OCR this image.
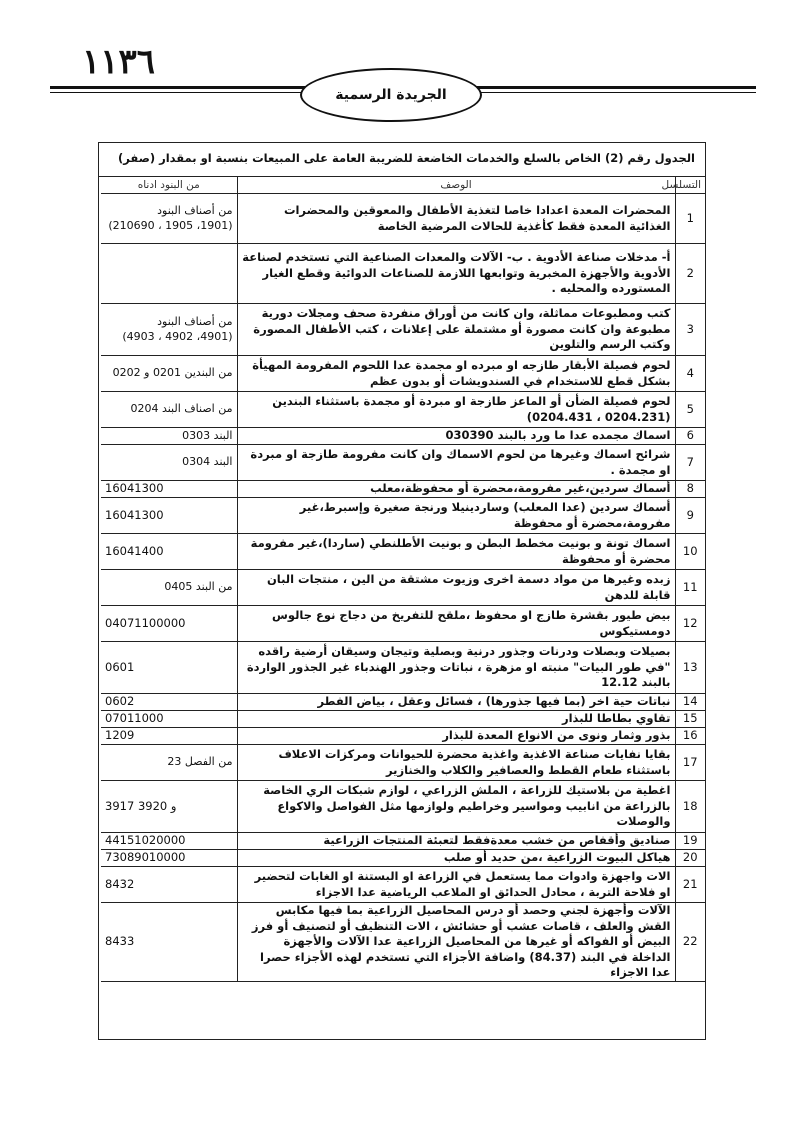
١١٣٦
الجريدة الرسمية
الجدول رقم (2) الخاص بالسلع والخدمات الخاضعة للضريبة العامة على المبيعات بنسبة او بمقدار (صفر)
التسلسل	الوصف	من البنود ادناه
1	المحضرات المعدة اعدادا خاصا لتغذية الأطفال والمعوقين والمحضرات الغذائية المعدة فقط كأغذية للحالات المرضية الخاصة	من أصناف البنود
(1901، 1905 ، 210690)

2	أ- مدخلات صناعة الأدوية . ب- الآلات والمعدات الصناعية التي تستخدم لصناعة الأدوية والأجهزة المخبرية وتوابعها اللازمة للصناعات الدوائية وقطع الغيار المستورده والمحليه .	

3	كتب ومطبوعات مماثلة، وان كانت من أوراق منفردة صحف ومجلات دورية مطبوعة وان كانت مصورة أو مشتملة على إعلانات ، كتب الأطفال المصورة وكتب الرسم والتلوين	من أصناف البنود
(4901، 4902 ، 4903)

4	لحوم فصيلة الأبقار طازجه او مبرده او مجمدة عدا اللحوم المفرومة المهيأة بشكل قطع للاستخدام في السندويشات أو بدون عظم	من البندين 0201 و 0202

5	لحوم فصيلة الضأن أو الماعز طازجة او مبردة أو مجمدة باستثناء البندين (0204.231 ، 0204.431)	من اصناف البند 0204

6	اسماك مجمده عدا ما ورد بالبند 030390	البند 0303

7	شرائح اسماك وغيرها من لحوم الاسماك وان كانت مفرومة طازجة او مبردة او مجمدة .	البند 0304

8	أسماك سردين،غير مفرومة،محضرة أو محفوظة،معلب	16041300

9	أسماك سردين (عدا المعلب) وساردينيلا ورنجة صغيرة وإسبرط،غير مفرومة،محضرة أو محفوظة	16041300

10	اسماك تونة و بونيت مخطط البطن و بونيت الأطلنطي (ساردا)،غير مفرومة محضرة أو محفوظة	16041400

11	زبده وغيرها من مواد دسمة اخرى وزيوت مشتقة من الين ، منتجات البان قابلة للدهن	من البند 0405

12	بيض طيور بقشرة طازج او محفوظ ،ملقح للتفريخ من دجاج نوع جالوس دومستيكوس	04071100000

13	بصيلات وبصلات ودرنات وجذور درنية وبصلية وتيجان وسيقان أرضية راقده "في طور البيات" منبته او مزهرة ، نباتات وجذور الهندباء غير الجذور الواردة بالبند 12.12	0601

14	نباتات حية اخر (بما فيها جذورها) ، فسائل وعقل ، بياض الفطر	0602

15	تقاوي بطاطا للبذار	07011000

16	بذور وثمار ونوى من الانواع المعدة للبذار	1209

17	بقايا نفايات صناعة الاغذية واغذية محضرة للحيوانات ومركزات الاعلاف باستثناء طعام القطط والعصافير والكلاب والخنازير	من الفصل 23

18	اغطية من بلاستيك للزراعة ، الملش الزراعي ، لوازم شبكات الري الخاصة بالزراعة من انابيب ومواسير وخراطيم ولوازمها مثل الفواصل والاكواع والوصلات	3917 و 3920

19	صناديق وأقفاص من خشب معدةفقط لتعبئة المنتجات الزراعية	44151020000

20	هياكل البيوت الزراعية ،من حديد أو صلب	73089010000

21	الات واجهزة وادوات مما يستعمل في الزراعة او البستنة او الغابات لتحضير او فلاحة التربة ، محادل الحدائق او الملاعب الرياضية عدا الاجزاء	8432

22	الآلات وأجهزة لجني وحصد أو درس المحاصيل الزراعية بما فيها مكابس القش والعلف ، قاصات عشب أو حشائش ، الات التنظيف أو لتصنيف أو فرز البيض أو الفواكه أو غيرها من المحاصيل الزراعية عدا الآلات والأجهزة الداخلة في البند (84.37) واضافة الأجزاء التي تستخدم لهذه الأجزاء حصرا عدا الاجزاء	8433
